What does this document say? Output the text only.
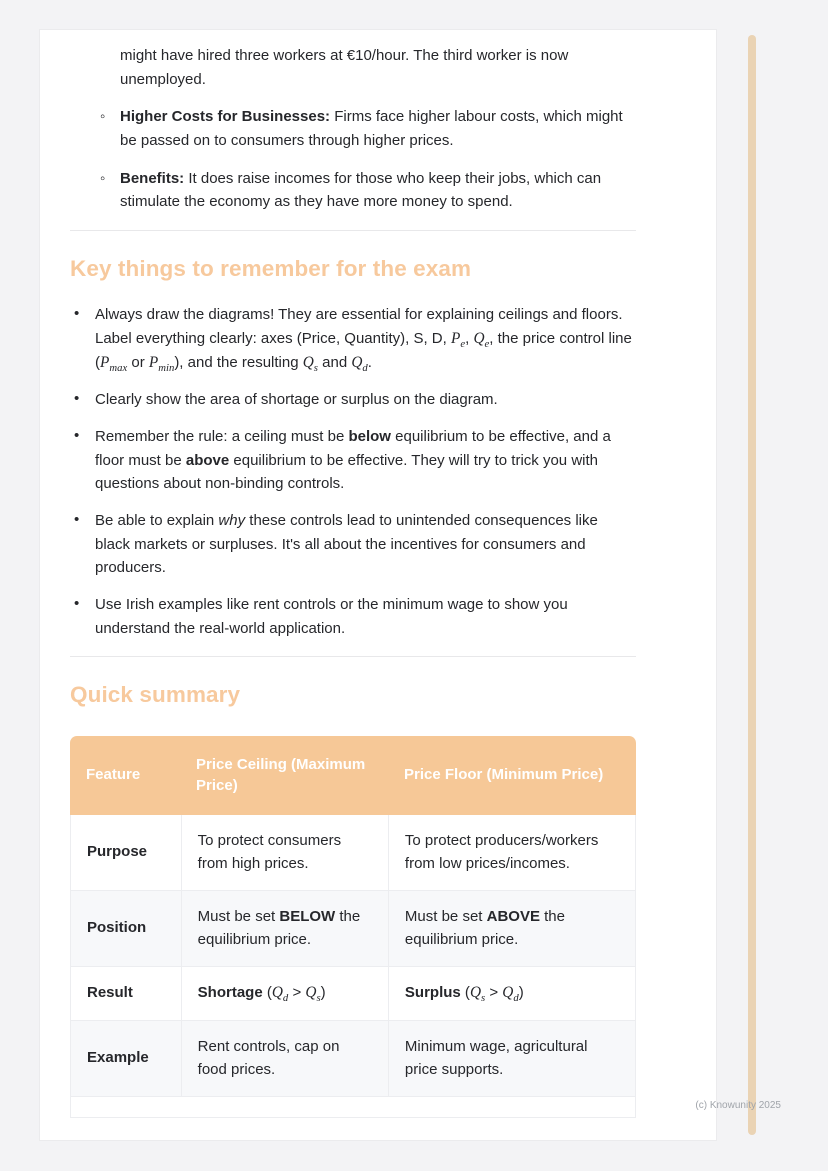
might have hired three workers at €10/hour. The third worker is now unemployed.

◦ Higher Costs for Businesses: Firms face higher labour costs, which might be passed on to consumers through higher prices.
◦ Benefits: It does raise incomes for those who keep their jobs, which can stimulate the economy as they have more money to spend.
Key things to remember for the exam
• Always draw the diagrams! They are essential for explaining ceilings and floors. Label everything clearly: axes (Price, Quantity), S, D, $P_e$, $Q_e$, the price control line ($P_{max}$ or $P_{min}$), and the resulting $Q_s$ and $Q_d$.
• Clearly show the area of shortage or surplus on the diagram.
• Remember the rule: a ceiling must be below equilibrium to be effective, and a floor must be above equilibrium to be effective. They will try to trick you with questions about non-binding controls.
• Be able to explain why these controls lead to unintended consequences like black markets or surpluses. It's all about the incentives for consumers and producers.
• Use Irish examples like rent controls or the minimum wage to show you understand the real-world application.
Quick summary
Feature
Price Ceiling (Maximum Price)
Price Floor (Minimum Price)
Purpose
To protect consumers from high prices.
To protect producers/workers from low prices/incomes.
Position
Must be set BELOW the equilibrium price.
Must be set ABOVE the equilibrium price.
Result	Shortage $(Q_d > Q_s)$	Surplus $(Q_s > Q_d)$
Example
Rent controls, cap on food prices.
Minimum wage, agricultural price supports.
(c) Knowunity 2025
